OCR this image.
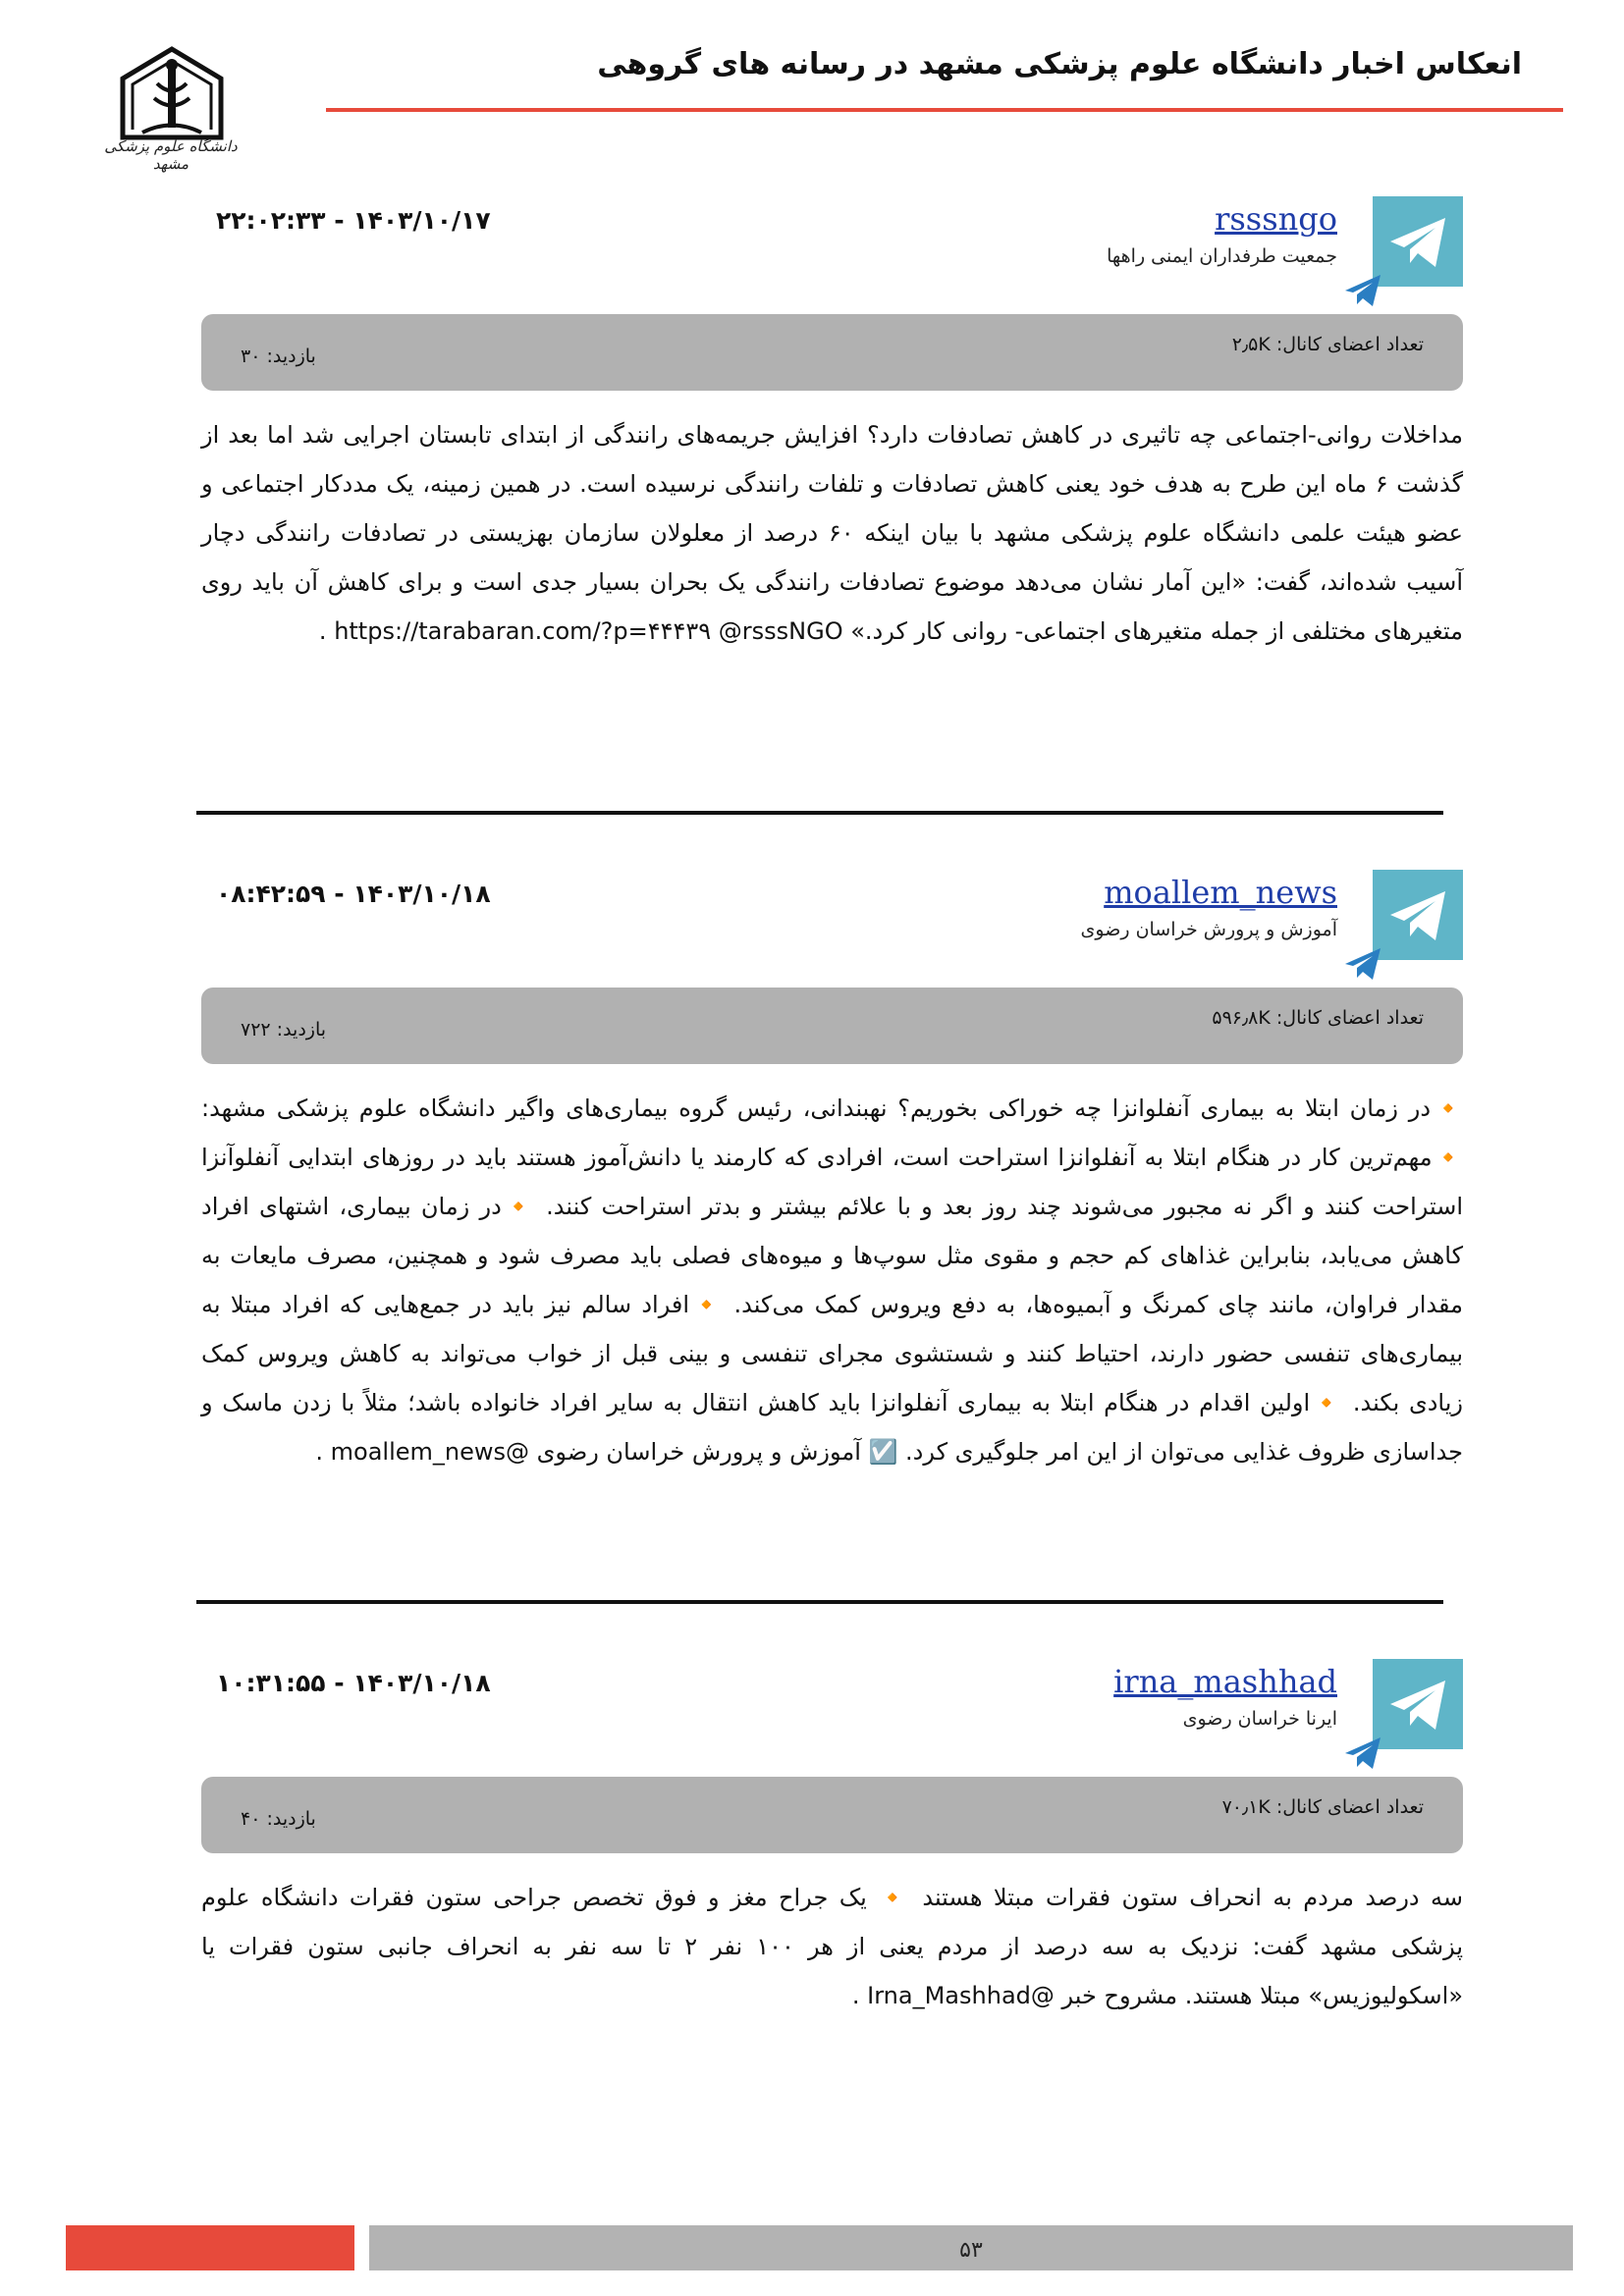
دانشگاه علوم پزشکی مشهد
انعکاس اخبار دانشگاه علوم پزشکی مشهد در رسانه های گروهی
rsssngo
جمعیت طرفداران ایمنی راهها
۲۲:۰۲:۳۳ - ۱۴۰۳/۱۰/۱۷
تعداد اعضای کانال: ۲٫۵K
بازدید: ۳۰
مداخلات روانی-اجتماعی چه تاثیری در کاهش تصادفات دارد؟ افزایش جریمه‌های رانندگی از ابتدای تابستان اجرایی شد اما بعد از گذشت ۶ ماه این طرح به هدف خود یعنی کاهش تصادفات و تلفات رانندگی نرسیده است. در همین زمینه، یک مددکار اجتماعی و عضو هیئت علمی دانشگاه علوم پزشکی مشهد با بیان اینکه ۶۰ درصد از معلولان سازمان بهزیستی در تصادفات رانندگی دچار آسیب شده‌اند، گفت: «این آمار نشان می‌دهد موضوع تصادفات رانندگی یک بحران بسیار جدی است و برای کاهش آن باید روی متغیرهای مختلفی از جمله متغیرهای اجتماعی- روانی کار کرد.» https://tarabaran.com/?p=۴۴۴۳۹ @rsssNGO .
moallem_news
آموزش و پرورش خراسان رضوی
۰۸:۴۲:۵۹ - ۱۴۰۳/۱۰/۱۸
تعداد اعضای کانال: ۵۹۶٫۸K
بازدید: ۷۲۲
🔸در زمان ابتلا به بیماری آنفلوانزا چه خوراکی بخوریم؟ نهبندانی، رئیس گروه بیماری‌های واگیر دانشگاه علوم پزشکی مشهد: 🔸مهم‌ترین کار در هنگام ابتلا به آنفلوانزا استراحت است، افرادی که کارمند یا دانش‌آموز هستند باید در روزهای ابتدایی آنفلوآنزا استراحت کنند و اگر نه مجبور می‌شوند چند روز بعد و با علائم بیشتر و بدتر استراحت کنند. 🔸در زمان بیماری، اشتهای افراد کاهش می‌یابد، بنابراین غذاهای کم حجم و مقوی مثل سوپ‌ها و میوه‌های فصلی باید مصرف شود و همچنین، مصرف مایعات به مقدار فراوان، مانند چای کمرنگ و آبمیوه‌ها، به دفع ویروس کمک می‌کند. 🔸افراد سالم نیز باید در جمع‌هایی که افراد مبتلا به بیماری‌های تنفسی حضور دارند، احتیاط کنند و شستشوی مجرای تنفسی و بینی قبل از خواب می‌تواند به کاهش ویروس کمک زیادی بکند. 🔸اولین اقدام در هنگام ابتلا به بیماری آنفلوانزا باید کاهش انتقال به سایر افراد خانواده باشد؛ مثلاً با زدن ماسک و جداسازی ظروف غذایی می‌توان از این امر جلوگیری کرد. ☑️ آموزش و پرورش خراسان رضوی @moallem_news .
irna_mashhad
ایرنا خراسان رضوی
۱۰:۳۱:۵۵ - ۱۴۰۳/۱۰/۱۸
تعداد اعضای کانال: ۷۰٫۱K
بازدید: ۴۰
سه درصد مردم به انحراف ستون فقرات مبتلا هستند 🔸 یک جراح مغز و فوق تخصص جراحی ستون فقرات دانشگاه علوم پزشکی مشهد گفت: نزدیک به سه درصد از مردم یعنی از هر ۱۰۰ نفر ۲ تا سه نفر به انحراف جانبی ستون فقرات یا «اسکولیوزیس» مبتلا هستند. مشروح خبر @Irna_Mashhad .
۵۳
